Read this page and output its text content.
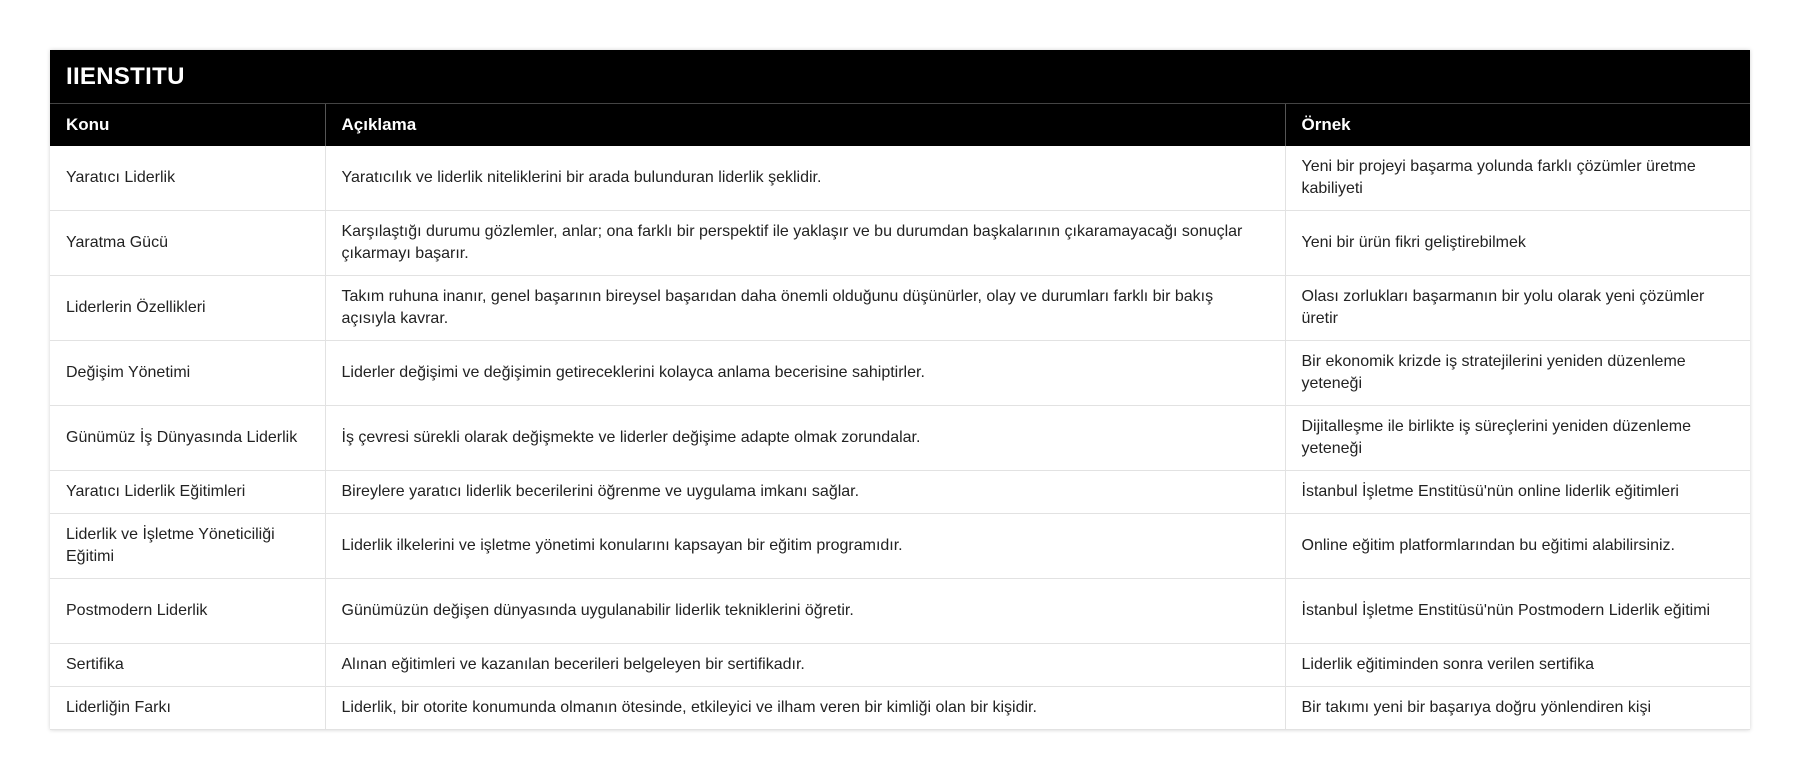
IIENSTITU		
Konu	Açıklama	Örnek
Yaratıcı Liderlik	Yaratıcılık ve liderlik niteliklerini bir arada bulunduran liderlik şeklidir.	Yeni bir projeyi başarma yolunda farklı çözümler üretme kabiliyeti
Yaratma Gücü	Karşılaştığı durumu gözlemler, anlar; ona farklı bir perspektif ile yaklaşır ve bu durumdan başkalarının çıkaramayacağı sonuçlar çıkarmayı başarır.	Yeni bir ürün fikri geliştirebilmek
Liderlerin Özellikleri	Takım ruhuna inanır, genel başarının bireysel başarıdan daha önemli olduğunu düşünürler, olay ve durumları farklı bir bakış açısıyla kavrar.	Olası zorlukları başarmanın bir yolu olarak yeni çözümler üretir
Değişim Yönetimi	Liderler değişimi ve değişimin getireceklerini kolayca anlama becerisine sahiptirler.	Bir ekonomik krizde iş stratejilerini yeniden düzenleme yeteneği
Günümüz İş Dünyasında Liderlik	İş çevresi sürekli olarak değişmekte ve liderler değişime adapte olmak zorundalar.	Dijitalleşme ile birlikte iş süreçlerini yeniden düzenleme yeteneği
Yaratıcı Liderlik Eğitimleri	Bireylere yaratıcı liderlik becerilerini öğrenme ve uygulama imkanı sağlar.	İstanbul İşletme Enstitüsü'nün online liderlik eğitimleri
Liderlik ve İşletme Yöneticiliği Eğitimi	Liderlik ilkelerini ve işletme yönetimi konularını kapsayan bir eğitim programıdır.	Online eğitim platformlarından bu eğitimi alabilirsiniz.
Postmodern Liderlik	Günümüzün değişen dünyasında uygulanabilir liderlik tekniklerini öğretir.	İstanbul İşletme Enstitüsü'nün Postmodern Liderlik eğitimi
Sertifika	Alınan eğitimleri ve kazanılan becerileri belgeleyen bir sertifikadır.	Liderlik eğitiminden sonra verilen sertifika
Liderliğin Farkı	Liderlik, bir otorite konumunda olmanın ötesinde, etkileyici ve ilham veren bir kimliği olan bir kişidir.	Bir takımı yeni bir başarıya doğru yönlendiren kişi
